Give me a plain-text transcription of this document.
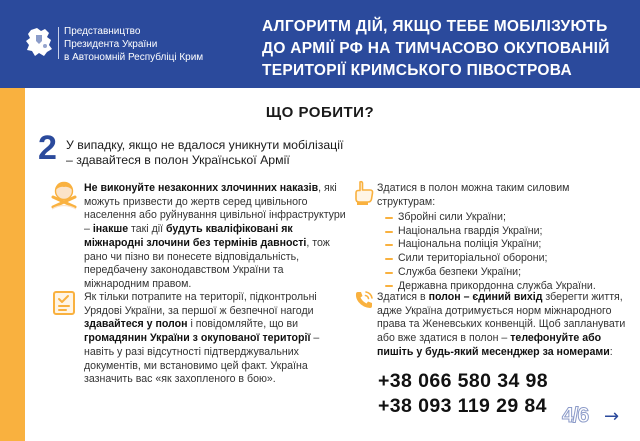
Представництво
Президента України
в Автономній Республіці Крим
АЛГОРИТМ ДІЙ, ЯКЩО ТЕБЕ МОБІЛІЗУЮТЬ
ДО АРМІЇ РФ НА ТИМЧАСОВО ОКУПОВАНІЙ
ТЕРИТОРІЇ КРИМСЬКОГО ПІВОСТРОВА
ЩО РОБИТИ?
2 У випадку, якщо не вдалося уникнути мобілізації
– здавайтеся в полон Української Армії
Не виконуйте незаконних злочинних наказів, які можуть призвести до жертв серед цивільного населення або руйнування цивільної інфраструктури – інакше такі дії будуть кваліфіковані як міжнародні злочини без термінів давності, тож рано чи пізно ви понесете відповідальність, передбачену законодавством України та міжнародним правом.
Як тільки потрапите на території, підконтрольні Урядові України, за першої ж безпечної нагоди здавайтеся у полон і повідомляйте, що ви громадянин України з окупованої території – навіть у разі відсутності підтверджувальних документів, ми встановимо цей факт. Україна зазначить вас «як захопленого в бою».
Здатися в полон можна таким силовим структурам:
Збройні сили України;
Національна гвардія України;
Національна поліція України;
Сили територіальної оборони;
Служба безпеки України;
Державна прикордонна служба України.
Здатися в полон – єдиний вихід зберегти життя, адже Україна дотримується норм міжнародного права та Женевських конвенцій. Щоб запланувати або вже здатися в полон – телефонуйте або пишіть у будь-який месенджер за номерами:
+38 066 580 34 98
+38 093 119 29 84 4/6 →
